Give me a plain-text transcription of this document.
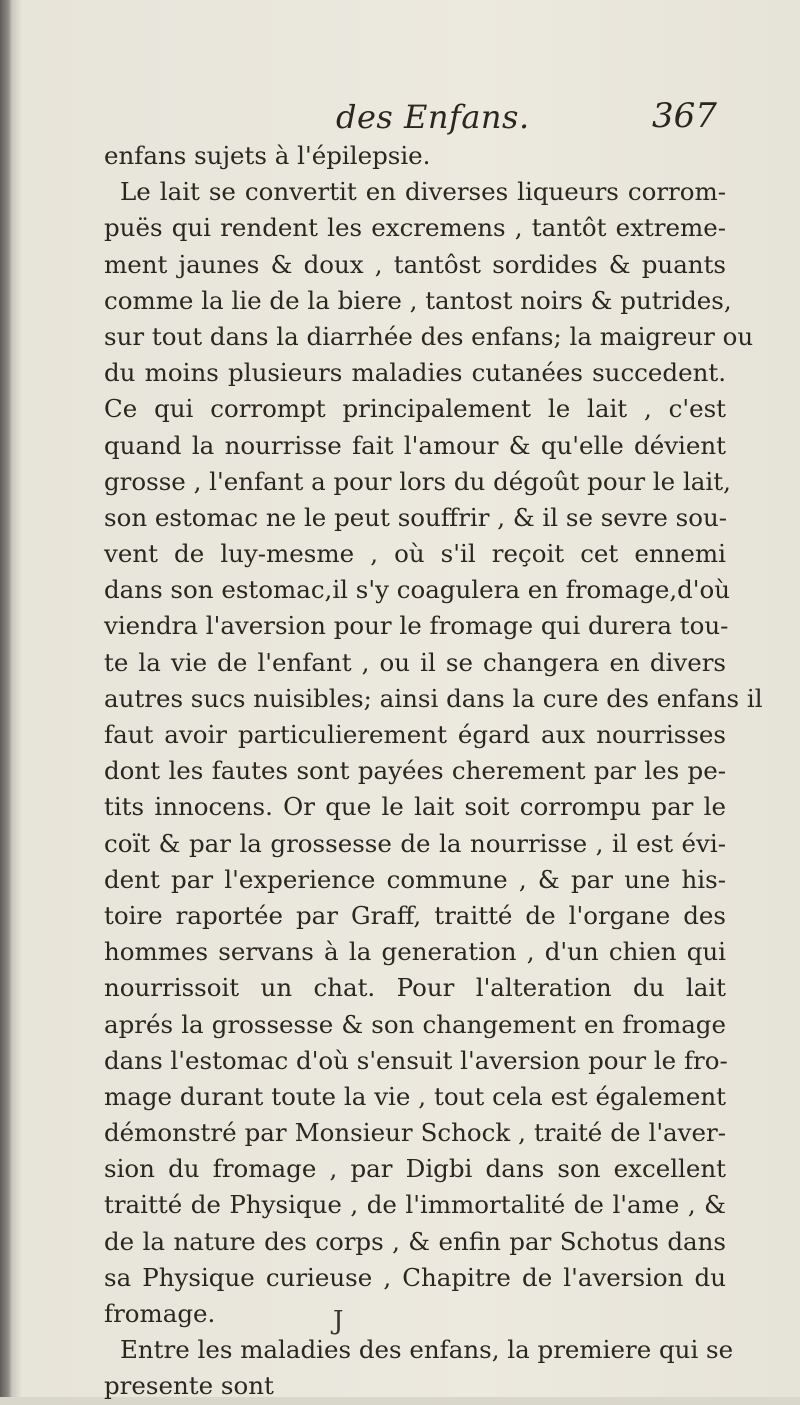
des Enfans.	367
enfans sujets à l'épilepsie.
Le lait se convertit en diverses liqueurs corrom-
puës qui rendent les excremens , tantôt extreme-
ment jaunes & doux , tantôst sordides & puants
comme la lie de la biere , tantost noirs & putrides,
sur tout dans la diarrhée des enfans; la maigreur ou
du moins plusieurs maladies cutanées succedent.
Ce qui corrompt principalement le lait , c'est
quand la nourrisse fait l'amour & qu'elle dévient
grosse , l'enfant a pour lors du dégoût pour le lait,
son estomac ne le peut souffrir , & il se sevre sou-
vent de luy-mesme , où s'il reçoit cet ennemi
dans son estomac,il s'y coagulera en fromage,d'où
viendra l'aversion pour le fromage qui durera tou-
te la vie de l'enfant , ou il se changera en divers
autres sucs nuisibles; ainsi dans la cure des enfans il
faut avoir particulierement égard aux nourrisses
dont les fautes sont payées cherement par les pe-
tits innocens. Or que le lait soit corrompu par le
coït & par la grossesse de la nourrisse , il est évi-
dent par l'experience commune , & par une his-
toire raportée par Graff, traitté de l'organe des
hommes servans à la generation , d'un chien qui
nourrissoit un chat. Pour l'alteration du lait
aprés la grossesse & son changement en fromage
dans l'estomac d'où s'ensuit l'aversion pour le fro-
mage durant toute la vie , tout cela est également
démonstré par Monsieur Schock , traité de l'aver-
sion du fromage , par Digbi dans son excellent
traitté de Physique , de l'immortalité de l'ame , &
de la nature des corps , & enfin par Schotus dans
sa Physique curieuse , Chapitre de l'aversion du
fromage.
Entre les maladies des enfans, la premiere qui se
presente sont
J
